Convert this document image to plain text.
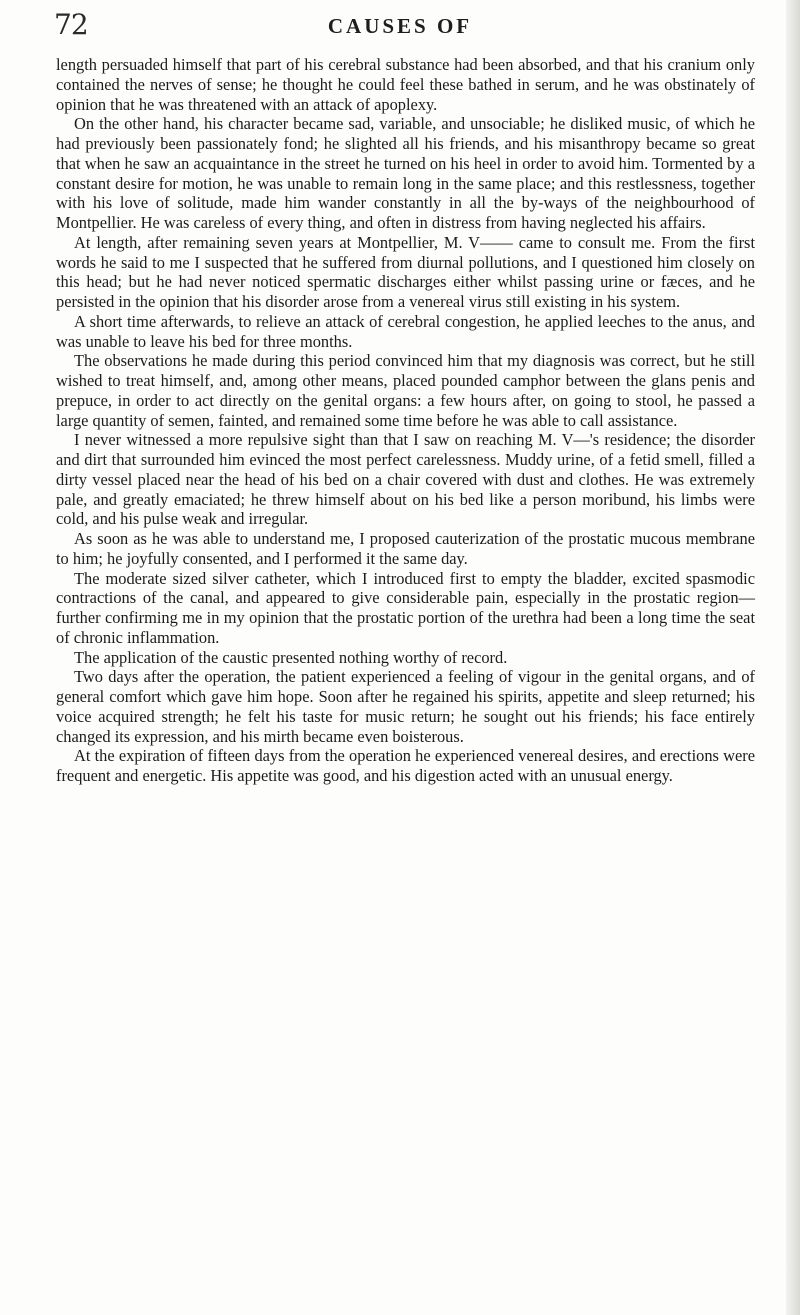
72	CAUSES OF

length persuaded himself that part of his cerebral substance had been absorbed, and that his cranium only contained the nerves of sense; he thought he could feel these bathed in serum, and he was obstinately of opinion that he was threatened with an attack of apoplexy.

On the other hand, his character became sad, variable, and unsociable; he disliked music, of which he had previously been passionately fond; he slighted all his friends, and his misanthropy became so great that when he saw an acquaintance in the street he turned on his heel in order to avoid him. Tormented by a constant desire for motion, he was unable to remain long in the same place; and this restlessness, together with his love of solitude, made him wander constantly in all the by-ways of the neighbourhood of Montpellier. He was careless of every thing, and often in distress from having neglected his affairs.

At length, after remaining seven years at Montpellier, M. V—— came to consult me. From the first words he said to me I suspected that he suffered from diurnal pollutions, and I questioned him closely on this head; but he had never noticed spermatic discharges either whilst passing urine or fæces, and he persisted in the opinion that his disorder arose from a venereal virus still existing in his system.

A short time afterwards, to relieve an attack of cerebral congestion, he applied leeches to the anus, and was unable to leave his bed for three months.

The observations he made during this period convinced him that my diagnosis was correct, but he still wished to treat himself, and, among other means, placed pounded camphor between the glans penis and prepuce, in order to act directly on the genital organs: a few hours after, on going to stool, he passed a large quantity of semen, fainted, and remained some time before he was able to call assistance.

I never witnessed a more repulsive sight than that I saw on reaching M. V—'s residence; the disorder and dirt that surrounded him evinced the most perfect carelessness. Muddy urine, of a fetid smell, filled a dirty vessel placed near the head of his bed on a chair covered with dust and clothes. He was extremely pale, and greatly emaciated; he threw himself about on his bed like a person moribund, his limbs were cold, and his pulse weak and irregular.

As soon as he was able to understand me, I proposed cauterization of the prostatic mucous membrane to him; he joyfully consented, and I performed it the same day.

The moderate sized silver catheter, which I introduced first to empty the bladder, excited spasmodic contractions of the canal, and appeared to give considerable pain, especially in the prostatic region—further confirming me in my opinion that the prostatic portion of the urethra had been a long time the seat of chronic inflammation.

The application of the caustic presented nothing worthy of record.

Two days after the operation, the patient experienced a feeling of vigour in the genital organs, and of general comfort which gave him hope. Soon after he regained his spirits, appetite and sleep returned; his voice acquired strength; he felt his taste for music return; he sought out his friends; his face entirely changed its expression, and his mirth became even boisterous.

At the expiration of fifteen days from the operation he experienced venereal desires, and erections were frequent and energetic. His appetite was good, and his digestion acted with an unusual energy.
